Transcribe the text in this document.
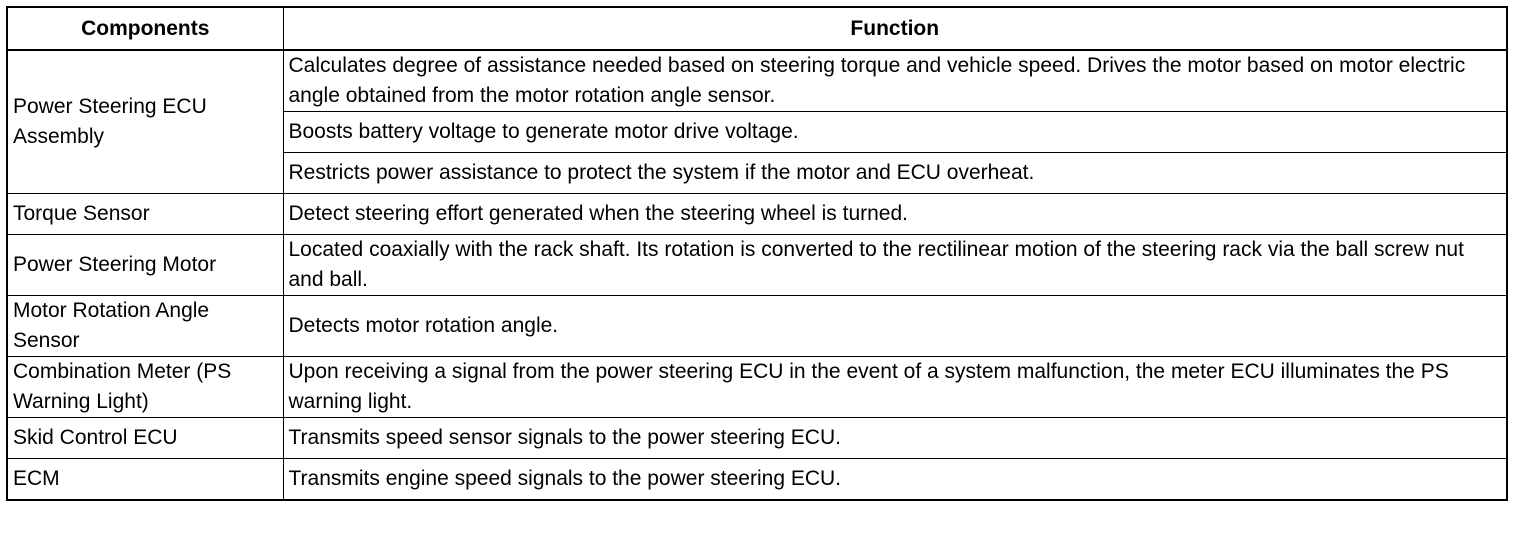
Components	Function
Power Steering ECU Assembly	Calculates degree of assistance needed based on steering torque and vehicle speed. Drives the motor based on motor electric angle obtained from the motor rotation angle sensor.
	Boosts battery voltage to generate motor drive voltage.
	Restricts power assistance to protect the system if the motor and ECU overheat.
Torque Sensor	Detect steering effort generated when the steering wheel is turned.
Power Steering Motor	Located coaxially with the rack shaft. Its rotation is converted to the rectilinear motion of the steering rack via the ball screw nut and ball.
Motor Rotation Angle Sensor	Detects motor rotation angle.
Combination Meter (PS Warning Light)	Upon receiving a signal from the power steering ECU in the event of a system malfunction, the meter ECU illuminates the PS warning light.
Skid Control ECU	Transmits speed sensor signals to the power steering ECU.
ECM	Transmits engine speed signals to the power steering ECU.
